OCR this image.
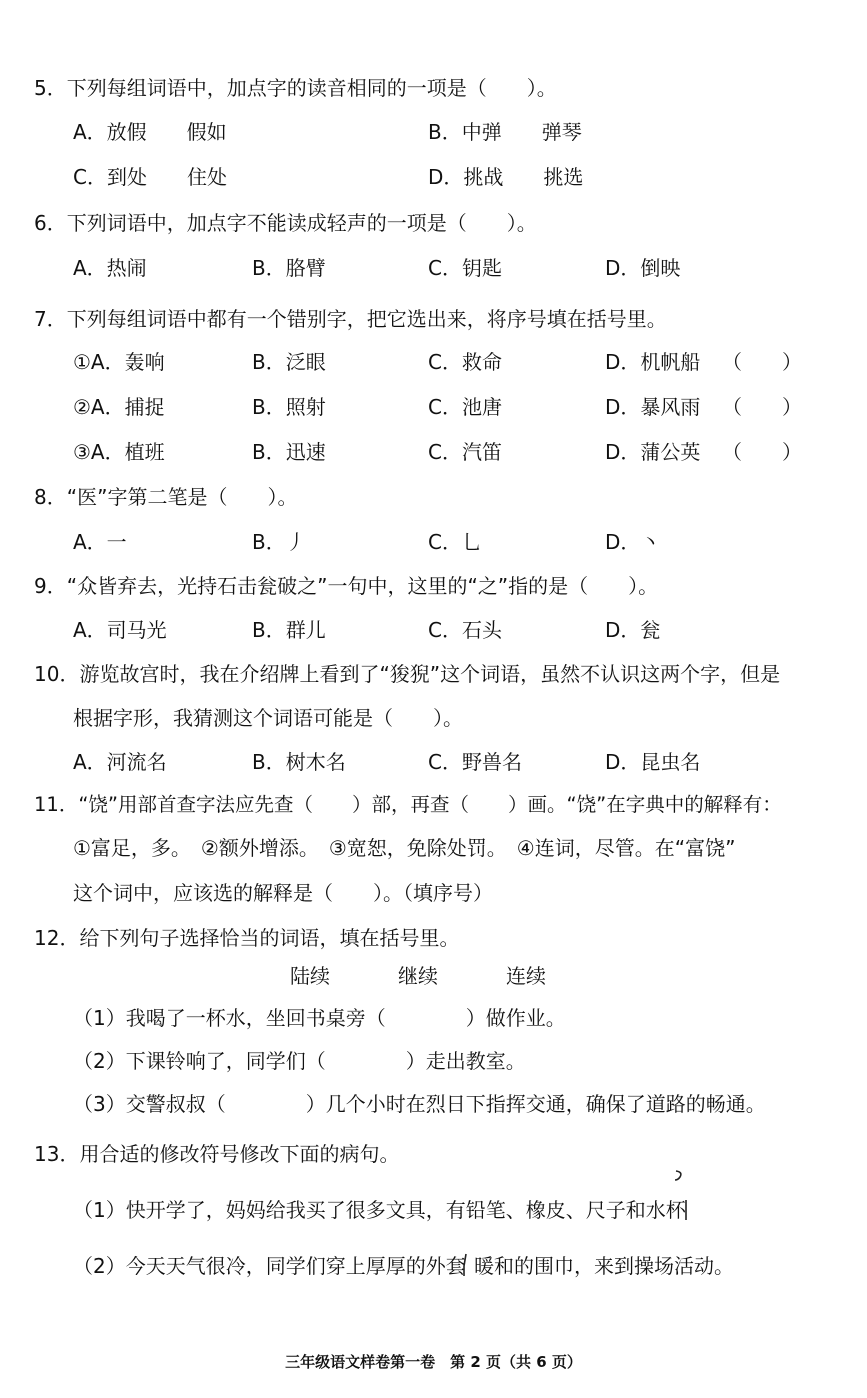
5．下列每组词语中，加点字的读音相同的一项是（　　）。
A．放假　　假如	B．中弹　　弹琴
C．到处　　住处	D．挑战　　挑选
6．下列词语中，加点字不能读成轻声的一项是（　　）。
A．热闹	B．胳臂	C．钥匙	D．倒映
7．下列每组词语中都有一个错别字，把它选出来，将序号填在括号里。
①A．轰响	B．泛眼	C．救命	D．机帆船 （　　）
②A．捕捉	B．照射	C．池唐	D．暴风雨 （　　）
③A．植班	B．迅速	C．汽笛	D．蒲公英 （　　）
8．“医”字第二笔是（　　）。
A．一	B．丿	C．乚	D．丶
9．“众皆弃去，光持石击瓮破之”一句中，这里的“之”指的是（　　）。
A．司马光	B．群儿	C．石头	D．瓮
10．游览故宫时，我在介绍牌上看到了“狻猊”这个词语，虽然不认识这两个字，但是
根据字形，我猜测这个词语可能是（　　）。
A．河流名	B．树木名	C．野兽名	D．昆虫名
11．“饶”用部首查字法应先查（　　）部，再查（　　）画。“饶”在字典中的解释有：
①富足，多。　②额外增添。　③宽恕，免除处罚。　④连词，尽管。在“富饶”
这个词中，应该选的解释是（　　）。（填序号）
12．给下列句子选择恰当的词语，填在括号里。
陆续	继续	连续
（1）我喝了一杯水，坐回书桌旁（　　　　）做作业。
（2）下课铃响了，同学们（　　　　）走出教室。
（3）交警叔叔（　　　　）几个小时在烈日下指挥交通，确保了道路的畅通。
13．用合适的修改符号修改下面的病句。
（1）快开学了，妈妈给我买了很多文具，有铅笔、橡皮、尺子和水杯
（2）今天天气很冷，同学们穿上厚厚的外套 暖和的围巾，来到操场活动。
三年级语文样卷第一卷　第 2 页（共 6 页）
